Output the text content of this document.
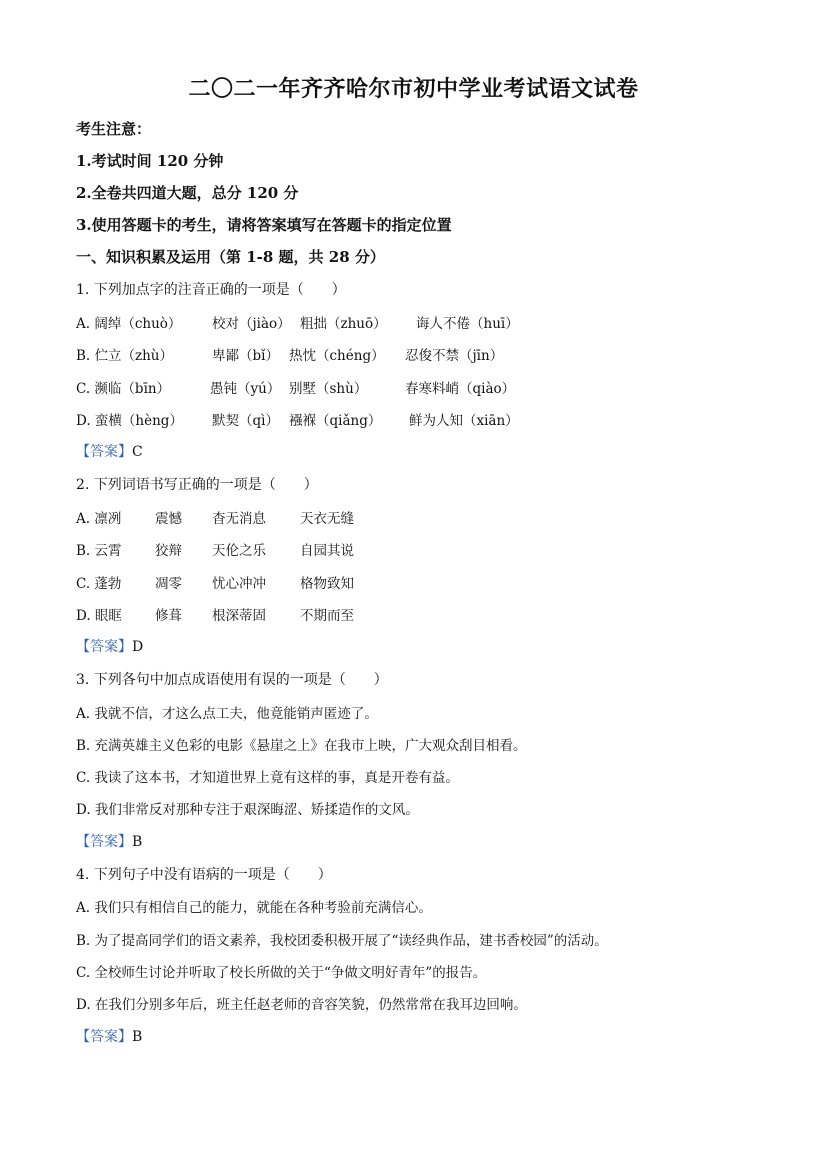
二〇二一年齐齐哈尔市初中学业考试语文试卷
考生注意：
1.考试时间 120 分钟
2.全卷共四道大题，总分 120 分
3.使用答题卡的考生，请将答案填写在答题卡的指定位置
一、知识积累及运用（第 1-8 题，共 28 分）
1. 下列加点字的注音正确的一项是（　　）
A. 阔绰（chuò） 校对（jiào） 粗拙（zhuō） 诲人不倦（huī）
B. 伫立（zhù）	卑鄙（bǐ） 热忱（chéng） 忍俊不禁（jīn）
C. 濒临（bīn）	愚钝（yú） 别墅（shù）	春寒料峭（qiào）
D. 蛮横（hèng） 默契（qì） 襁褓（qiǎng） 鲜为人知（xiān）
【答案】C
2. 下列词语书写正确的一项是（　　）
A. 凛冽 震憾 杳无消息	天衣无缝
B. 云霄 狡辩 天伦之乐	自园其说
C. 蓬勃 凋零 忧心冲冲	格物致知
D. 眼眶 修葺 根深蒂固	不期而至
【答案】D
3. 下列各句中加点成语使用有误的一项是（　　）
A. 我就不信，才这么点工夫，他竟能销声匿迹了。
B. 充满英雄主义色彩的电影《悬崖之上》在我市上映，广大观众刮目相看。
C. 我读了这本书，才知道世界上竟有这样的事，真是开卷有益。
D. 我们非常反对那种专注于艰深晦涩、矫揉造作的文风。
【答案】B
4. 下列句子中没有语病的一项是（　　）
A. 我们只有相信自己的能力，就能在各种考验前充满信心。
B. 为了提高同学们的语文素养，我校团委积极开展了“读经典作品，建书香校园”的活动。
C. 全校师生讨论并听取了校长所做的关于“争做文明好青年”的报告。
D. 在我们分别多年后，班主任赵老师的音容笑貌，仍然常常在我耳边回响。
【答案】B
